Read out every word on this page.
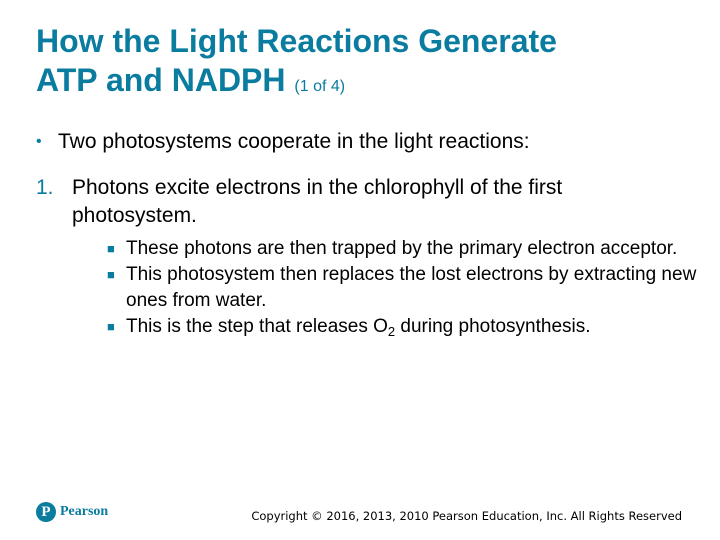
How the Light Reactions Generate
ATP and NADPH (1 of 4)
• Two photosystems cooperate in the light reactions:
1. Photons excite electrons in the chlorophyll of the first photosystem.
■ These photons are then trapped by the primary electron acceptor.
■ This photosystem then replaces the lost electrons by extracting new ones from water.
■ This is the step that releases $O_2$ during photosynthesis.
P Pearson	Copyright © 2016, 2013, 2010 Pearson Education, Inc. All Rights Reserved
